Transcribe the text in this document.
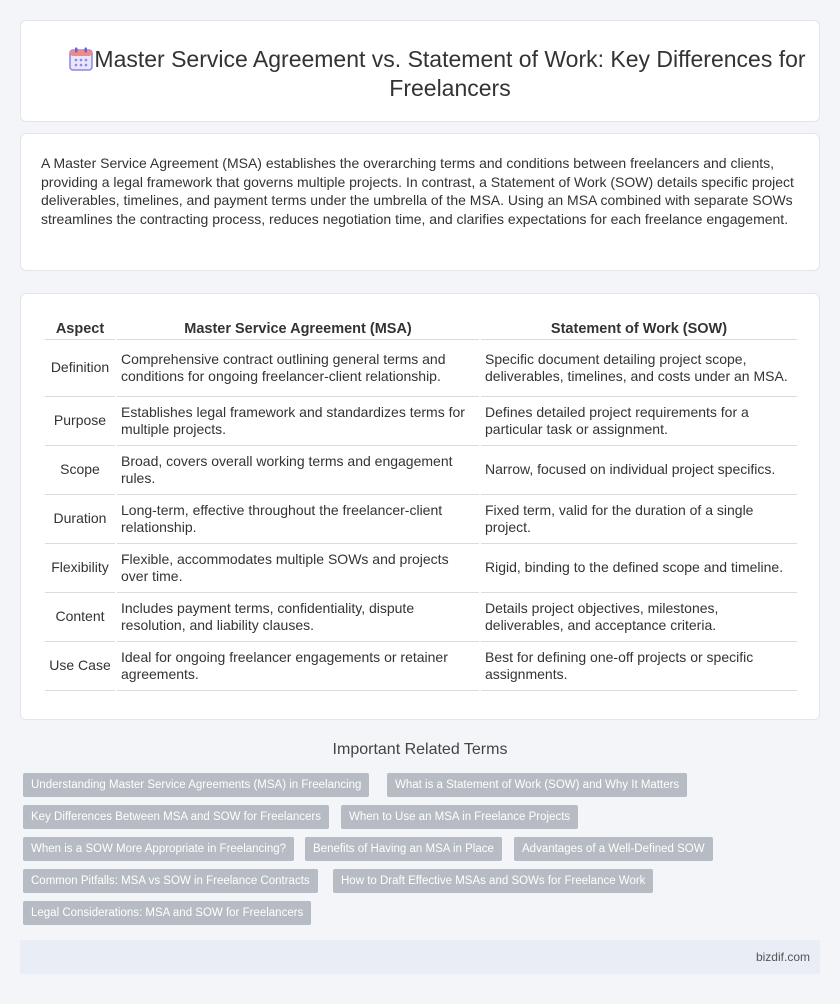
Master Service Agreement vs. Statement of Work: Key Differences for Freelancers

A Master Service Agreement (MSA) establishes the overarching terms and conditions between freelancers and clients, providing a legal framework that governs multiple projects. In contrast, a Statement of Work (SOW) details specific project deliverables, timelines, and payment terms under the umbrella of the MSA. Using an MSA combined with separate SOWs streamlines the contracting process, reduces negotiation time, and clarifies expectations for each freelance engagement.

Aspect	Master Service Agreement (MSA)	Statement of Work (SOW)
Definition	Comprehensive contract outlining general terms and conditions for ongoing freelancer-client relationship.	Specific document detailing project scope, deliverables, timelines, and costs under an MSA.
Purpose	Establishes legal framework and standardizes terms for multiple projects.	Defines detailed project requirements for a particular task or assignment.
Scope	Broad, covers overall working terms and engagement rules.	Narrow, focused on individual project specifics.
Duration	Long-term, effective throughout the freelancer-client relationship.	Fixed term, valid for the duration of a single project.
Flexibility	Flexible, accommodates multiple SOWs and projects over time.	Rigid, binding to the defined scope and timeline.
Content	Includes payment terms, confidentiality, dispute resolution, and liability clauses.	Details project objectives, milestones, deliverables, and acceptance criteria.
Use Case	Ideal for ongoing freelancer engagements or retainer agreements.	Best for defining one-off projects or specific assignments.
Important Related Terms
Understanding Master Service Agreements (MSA) in Freelancing	What is a Statement of Work (SOW) and Why It Matters
Key Differences Between MSA and SOW for Freelancers	When to Use an MSA in Freelance Projects
When is a SOW More Appropriate in Freelancing?	Benefits of Having an MSA in Place	Advantages of a Well-Defined SOW
Common Pitfalls: MSA vs SOW in Freelance Contracts	How to Draft Effective MSAs and SOWs for Freelance Work
Legal Considerations: MSA and SOW for Freelancers
bizdif.com
